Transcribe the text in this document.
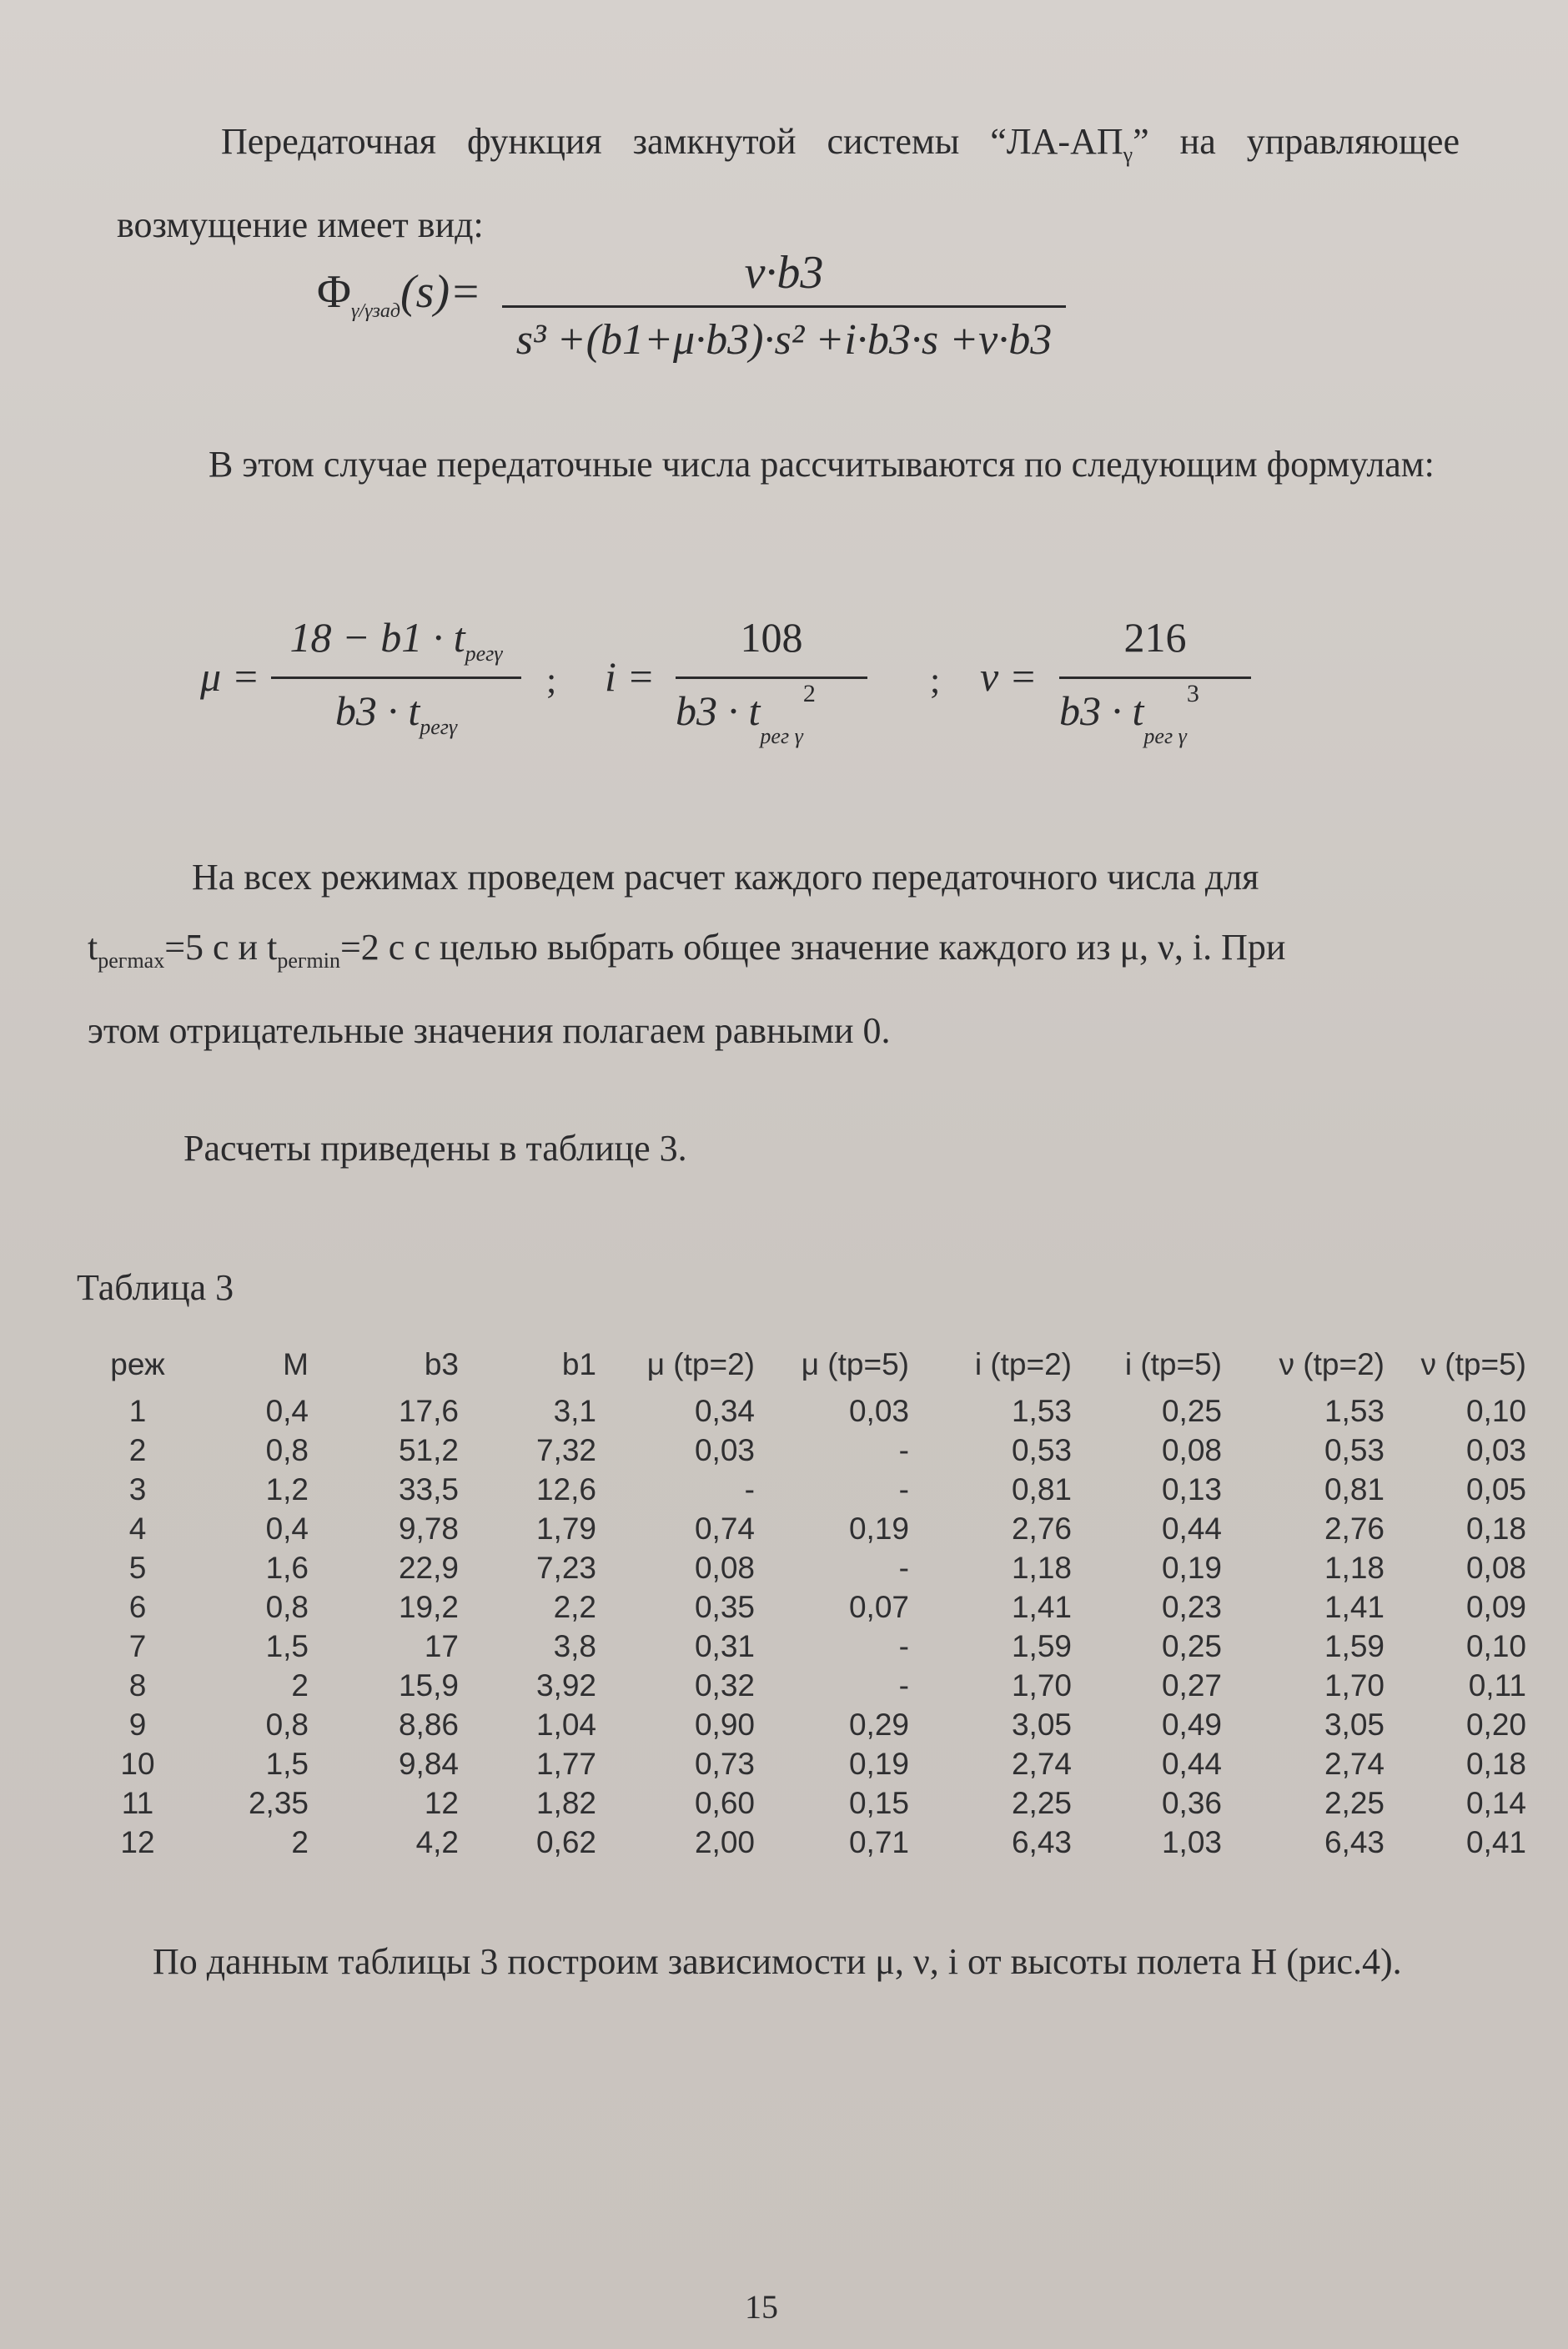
Передаточная функция замкнутой системы “$ЛА-АП_\gamma$” на управляющее возмущение имеет вид:
$\Phi_{\gamma/\gamma зад}(s)=$	ν·b3
s³ +(b1+μ·b3)·s² +i·b3·s +ν·b3
В этом случае передаточные числа рассчитываются по следующим формулам:
μ =
$18 - b1 \cdot t_{рег\gamma}$
$b3 \cdot t_{рег\gamma}$
; i =
108
$b3 \cdot t_{рег \gamma}^2$	; ν =
216
$b3 \cdot t_{рег \gamma}^3$
На всех режимах проведем расчет каждого передаточного числа для
$t_{pегmax}=5$ с и $t_{pегmin}=2$ с с целью выбрать общее значение каждого из μ, ν, i. При
этом отрицательные значения полагаем равными 0.
Расчеты приведены в таблице 3.
Таблица 3
реж	M	b3	b1	μ (tp=2)	μ (tp=5)	i (tp=2)	i (tp=5)	ν (tp=2)	ν (tp=5)
1	0,4	17,6	3,1	0,34	0,03	1,53	0,25	1,53	0,10
2	0,8	51,2	7,32	0,03	-	0,53	0,08	0,53	0,03
3	1,2	33,5	12,6	-	-	0,81	0,13	0,81	0,05
4	0,4	9,78	1,79	0,74	0,19	2,76	0,44	2,76	0,18
5	1,6	22,9	7,23	0,08	-	1,18	0,19	1,18	0,08
6	0,8	19,2	2,2	0,35	0,07	1,41	0,23	1,41	0,09
7	1,5	17	3,8	0,31	-	1,59	0,25	1,59	0,10
8	2	15,9	3,92	0,32	-	1,70	0,27	1,70	0,11
9	0,8	8,86	1,04	0,90	0,29	3,05	0,49	3,05	0,20
10	1,5	9,84	1,77	0,73	0,19	2,74	0,44	2,74	0,18
11	2,35	12	1,82	0,60	0,15	2,25	0,36	2,25	0,14
12	2	4,2	0,62	2,00	0,71	6,43	1,03	6,43	0,41
По данным таблицы 3 построим зависимости μ, ν, i от высоты полета Н (рис.4).
15
